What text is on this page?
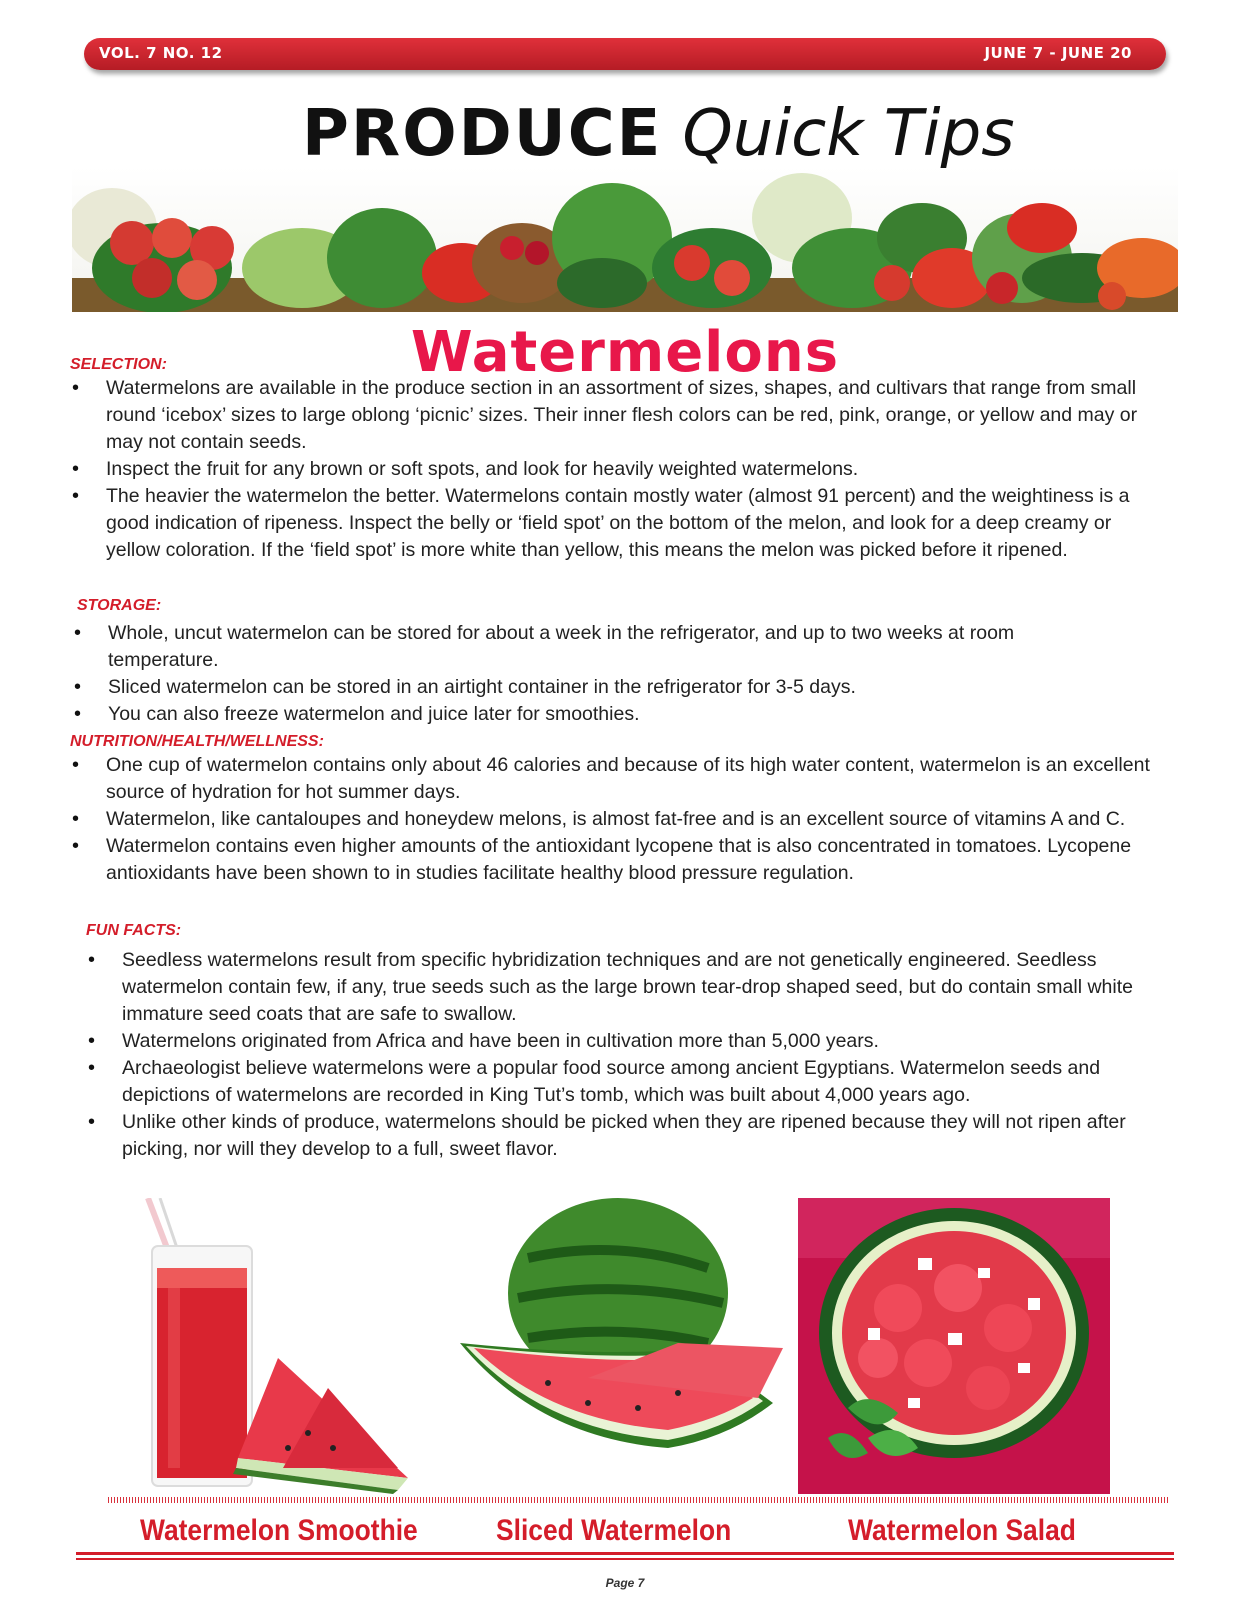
VOL. 7 NO. 12	JUNE 7 - JUNE 20
PRODUCE Quick Tips
Watermelons
SELECTION:
• Watermelons are available in the produce section in an assortment of sizes, shapes, and cultivars that range from small round ‘icebox’ sizes to large oblong ‘picnic’ sizes. Their inner flesh colors can be red, pink, orange, or yellow and may or may not contain seeds.
• Inspect the fruit for any brown or soft spots, and look for heavily weighted watermelons.
• The heavier the watermelon the better. Watermelons contain mostly water (almost 91 percent) and the weightiness is a good indication of ripeness. Inspect the belly or ‘field spot’ on the bottom of the melon, and look for a deep creamy or yellow coloration. If the ‘field spot’ is more white than yellow, this means the melon was picked before it ripened.
STORAGE:
• Whole, uncut watermelon can be stored for about a week in the refrigerator, and up to two weeks at room temperature.
• Sliced watermelon can be stored in an airtight container in the refrigerator for 3-5 days.
• You can also freeze watermelon and juice later for smoothies.
NUTRITION/HEALTH/WELLNESS:
• One cup of watermelon contains only about 46 calories and because of its high water content, watermelon is an excellent source of hydration for hot summer days.
• Watermelon, like cantaloupes and honeydew melons, is almost fat-free and is an excellent source of vitamins A and C.
• Watermelon contains even higher amounts of the antioxidant lycopene that is also concentrated in tomatoes. Lycopene antioxidants have been shown to in studies facilitate healthy blood pressure regulation.
FUN FACTS:
• Seedless watermelons result from specific hybridization techniques and are not genetically engineered. Seedless watermelon contain few, if any, true seeds such as the large brown tear-drop shaped seed, but do contain small white immature seed coats that are safe to swallow.
• Watermelons originated from Africa and have been in cultivation more than 5,000 years.
• Archaeologist believe watermelons were a popular food source among ancient Egyptians. Watermelon seeds and depictions of watermelons are recorded in King Tut’s tomb, which was built about 4,000 years ago.
• Unlike other kinds of produce, watermelons should be picked when they are ripened because they will not ripen after picking, nor will they develop to a full, sweet flavor.
Watermelon Smoothie	Sliced Watermelon	Watermelon Salad
Page 7
